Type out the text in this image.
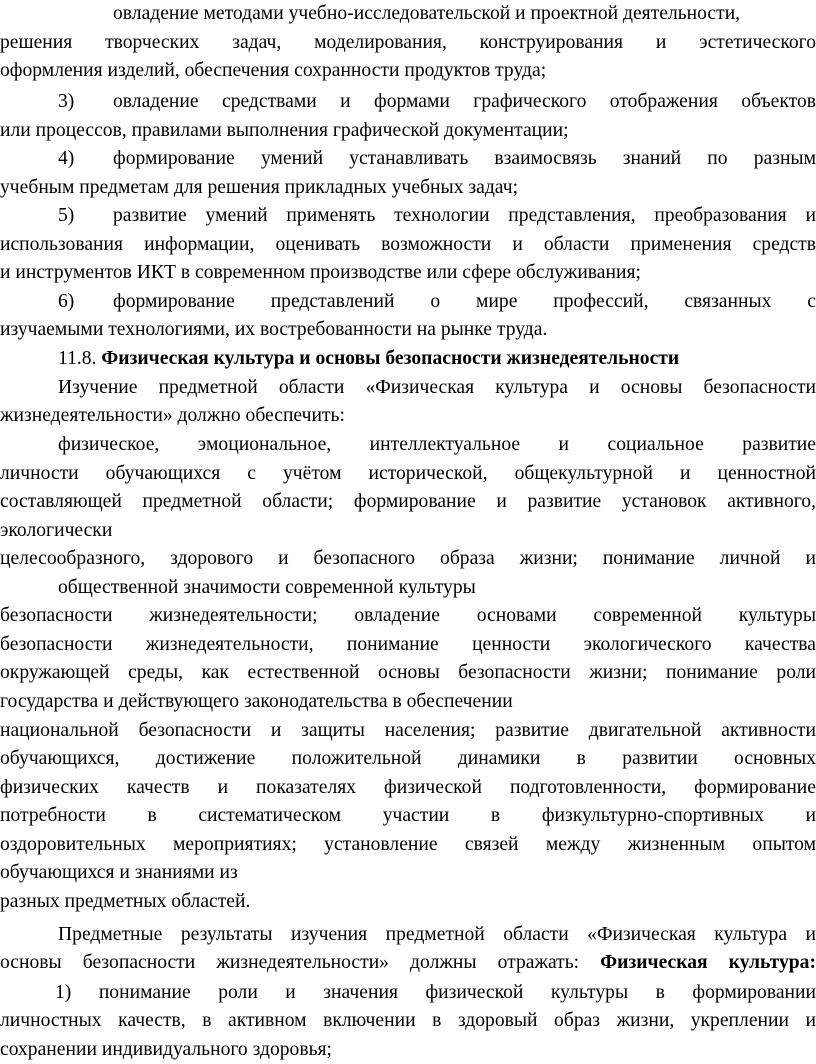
овладение методами учебно-исследовательской и проектной деятельности,
решения творческих задач, моделирования, конструирования и эстетического
оформления изделий, обеспечения сохранности продуктов труда;
3) овладение средствами и формами графического отображения объектов
или процессов, правилами выполнения графической документации;
4) формирование умений устанавливать взаимосвязь знаний по разным
учебным предметам для решения прикладных учебных задач;
5) развитие умений применять технологии представления, преобразования и
использования информации, оценивать возможности и области применения средств
и инструментов ИКТ в современном производстве или сфере обслуживания;
6) формирование представлений о мире профессий, связанных с
изучаемыми технологиями, их востребованности на рынке труда.
11.8. Физическая культура и основы безопасности жизнедеятельности
Изучение предметной области «Физическая культура и основы безопасности
жизнедеятельности» должно обеспечить:
физическое, эмоциональное, интеллектуальное и социальное развитие
личности обучающихся с учётом исторической, общекультурной и ценностной
составляющей предметной области; формирование и развитие установок активного,
экологически
целесообразного, здорового и безопасного образа жизни; понимание личной и
общественной значимости современной культуры
безопасности жизнедеятельности; овладение основами современной культуры
безопасности жизнедеятельности, понимание ценности экологического качества
окружающей среды, как естественной основы безопасности жизни; понимание роли
государства и действующего законодательства в обеспечении
национальной безопасности и защиты населения; развитие двигательной активности
обучающихся, достижение положительной динамики в развитии основных
физических качеств и показателях физической подготовленности, формирование
потребности в систематическом участии в физкультурно-спортивных и
оздоровительных мероприятиях; установление связей между жизненным опытом
обучающихся и знаниями из
разных предметных областей.
Предметные результаты изучения предметной области «Физическая культура и
основы безопасности жизнедеятельности» должны отражать: Физическая культура:
1) понимание роли и значения физической культуры в формировании
личностных качеств, в активном включении в здоровый образ жизни, укреплении и
сохранении индивидуального здоровья;
